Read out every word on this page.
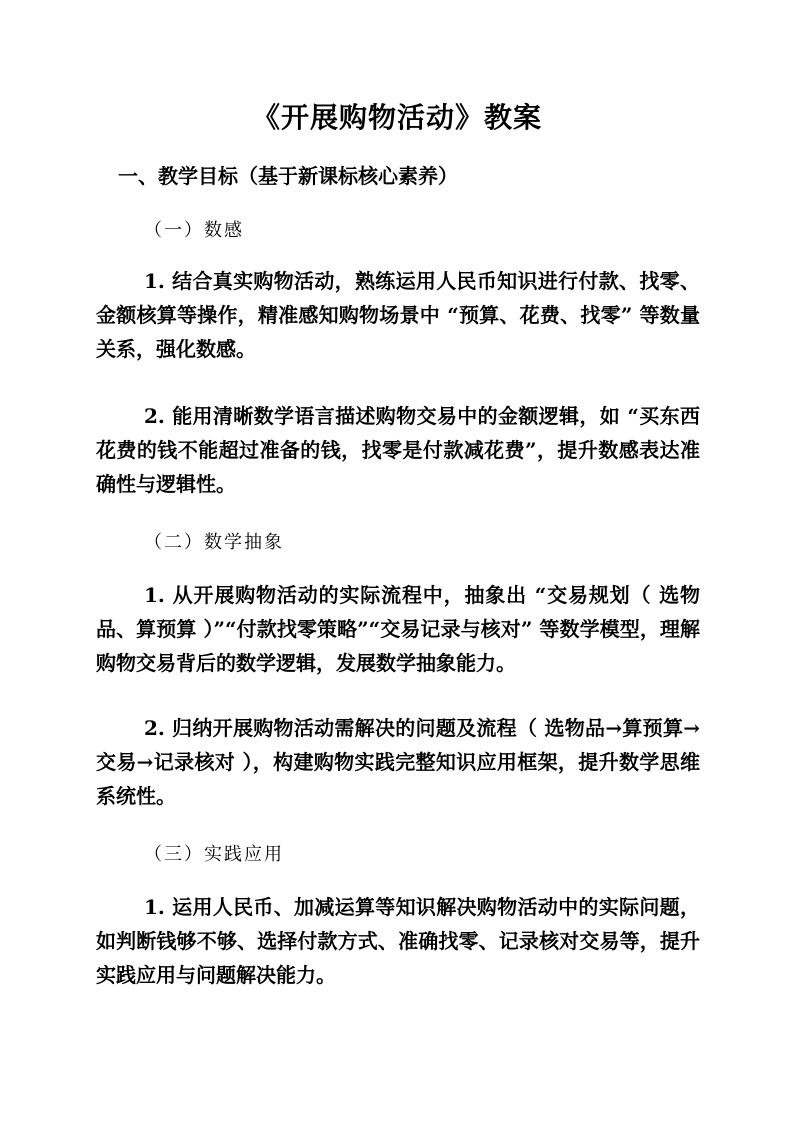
《开展购物活动》教案
一、教学目标（基于新课标核心素养）
（一）数感
1. 结合真实购物活动，熟练运用人民币知识进行付款、找零、金额核算等操作，精准感知购物场景中 “预算、花费、找零” 等数量关系，强化数感。
2. 能用清晰数学语言描述购物交易中的金额逻辑，如 “买东西花费的钱不能超过准备的钱，找零是付款减花费”，提升数感表达准确性与逻辑性。
（二）数学抽象
1. 从开展购物活动的实际流程中，抽象出 “交易规划（ 选物品、算预算 ）”“付款找零策略”“交易记录与核对” 等数学模型，理解购物交易背后的数学逻辑，发展数学抽象能力。
2. 归纳开展购物活动需解决的问题及流程（ 选物品→算预算→交易→记录核对 ），构建购物实践完整知识应用框架，提升数学思维系统性。
（三）实践应用
1. 运用人民币、加减运算等知识解决购物活动中的实际问题，如判断钱够不够、选择付款方式、准确找零、记录核对交易等，提升实践应用与问题解决能力。
